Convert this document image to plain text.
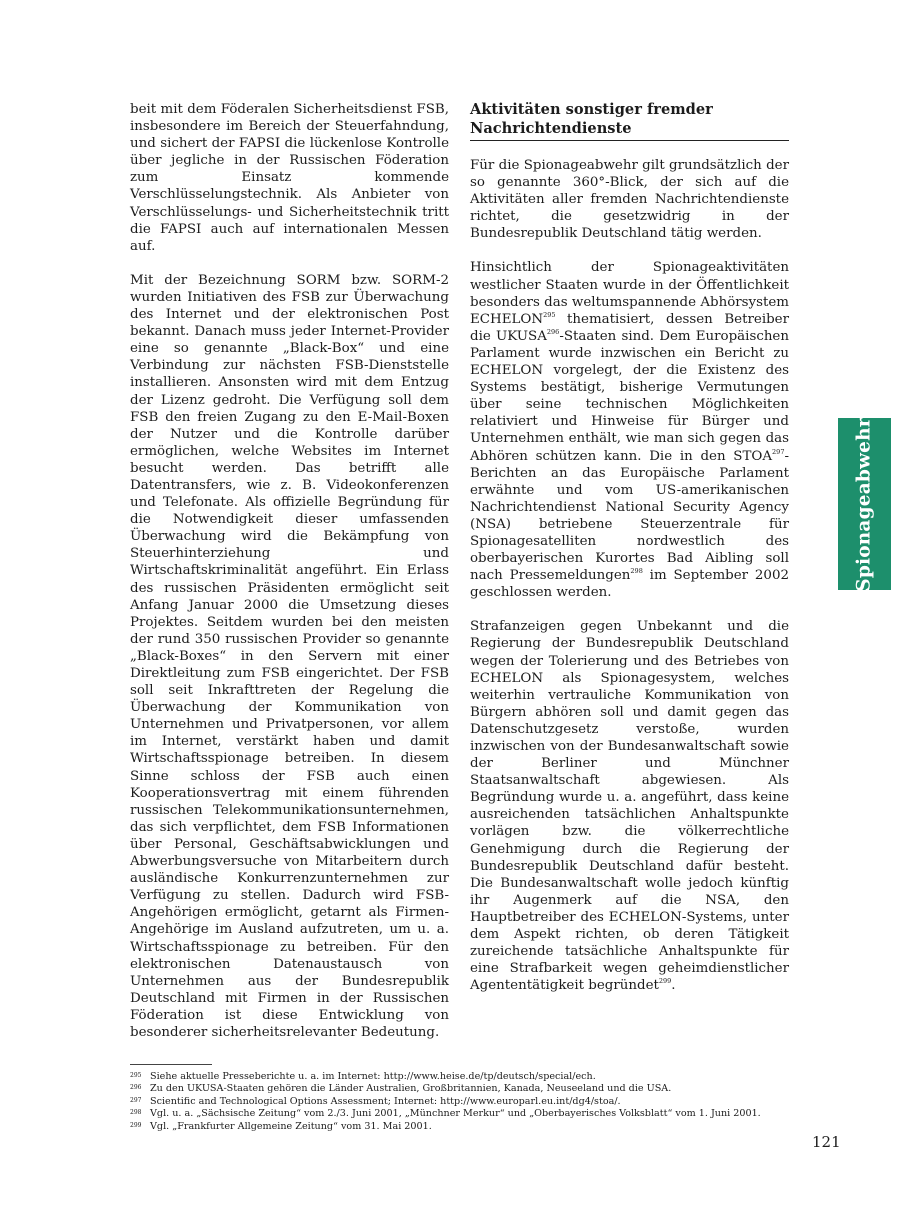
beit mit dem Föderalen Sicherheitsdienst FSB, insbesondere im Bereich der Steuerfahndung, und sichert der FAPSI die lückenlose Kontrolle über jegliche in der Russischen Föderation zum Einsatz kommende Verschlüsselungstechnik. Als Anbieter von Verschlüsselungs- und Sicherheitstechnik tritt die FAPSI auch auf internationalen Messen auf.

Mit der Bezeichnung SORM bzw. SORM-2 wurden Initiativen des FSB zur Überwachung des Internet und der elektronischen Post bekannt. Danach muss jeder Internet-Provider eine so genannte „Black-Box“ und eine Verbindung zur nächsten FSB-Dienststelle installieren. Ansonsten wird mit dem Entzug der Lizenz gedroht. Die Verfügung soll dem FSB den freien Zugang zu den E-Mail-Boxen der Nutzer und die Kontrolle darüber ermöglichen, welche Websites im Internet besucht werden. Das betrifft alle Datentransfers, wie z. B. Videokonferenzen und Telefonate. Als offizielle Begründung für die Notwendigkeit dieser umfassenden Überwachung wird die Bekämpfung von Steuerhinterziehung und Wirtschaftskriminalität angeführt. Ein Erlass des russischen Präsidenten ermöglicht seit Anfang Januar 2000 die Umsetzung dieses Projektes. Seitdem wurden bei den meisten der rund 350 russischen Provider so genannte „Black-Boxes“ in den Servern mit einer Direktleitung zum FSB eingerichtet. Der FSB soll seit Inkrafttreten der Regelung die Überwachung der Kommunikation von Unternehmen und Privatpersonen, vor allem im Internet, verstärkt haben und damit Wirtschaftsspionage betreiben. In diesem Sinne schloss der FSB auch einen Kooperationsvertrag mit einem führenden russischen Telekommunikationsunternehmen, das sich verpflichtet, dem FSB Informationen über Personal, Geschäftsabwicklungen und Abwerbungsversuche von Mitarbeitern durch ausländische Konkurrenzunternehmen zur Verfügung zu stellen. Dadurch wird FSB-Angehörigen ermöglicht, getarnt als Firmen-Angehörige im Ausland aufzutreten, um u. a. Wirtschaftsspionage zu betreiben. Für den elektronischen Datenaustausch von Unternehmen aus der Bundesrepublik Deutschland mit Firmen in der Russischen Föderation ist diese Entwicklung von besonderer sicherheitsrelevanter Bedeutung.

Aktivitäten sonstiger fremder Nachrichtendienste

Für die Spionageabwehr gilt grundsätzlich der so genannte 360°-Blick, der sich auf die Aktivitäten aller fremden Nachrichtendienste richtet, die gesetzwidrig in der Bundesrepublik Deutschland tätig werden.

Hinsichtlich der Spionageaktivitäten westlicher Staaten wurde in der Öffentlichkeit besonders das weltumspannende Abhörsystem ECHELON$^{295}$ thematisiert, dessen Betreiber die UKUSA$^{296}$-Staaten sind. Dem Europäischen Parlament wurde inzwischen ein Bericht zu ECHELON vorgelegt, der die Existenz des Systems bestätigt, bisherige Vermutungen über seine technischen Möglichkeiten relativiert und Hinweise für Bürger und Unternehmen enthält, wie man sich gegen das Abhören schützen kann. Die in den STOA$^{297}$-Berichten an das Europäische Parlament erwähnte und vom US-amerikanischen Nachrichtendienst National Security Agency (NSA) betriebene Steuerzentrale für Spionagesatelliten nordwestlich des oberbayerischen Kurortes Bad Aibling soll nach Pressemeldungen$^{298}$ im September 2002 geschlossen werden.

Strafanzeigen gegen Unbekannt und die Regierung der Bundesrepublik Deutschland wegen der Tolerierung und des Betriebes von ECHELON als Spionagesystem, welches weiterhin vertrauliche Kommunikation von Bürgern abhören soll und damit gegen das Datenschutzgesetz verstoße, wurden inzwischen von der Bundesanwaltschaft sowie der Berliner und Münchner Staatsanwaltschaft abgewiesen. Als Begründung wurde u. a. angeführt, dass keine ausreichenden tatsächlichen Anhaltspunkte vorlägen bzw. die völkerrechtliche Genehmigung durch die Regierung der Bundesrepublik Deutschland dafür besteht. Die Bundesanwaltschaft wolle jedoch künftig ihr Augenmerk auf die NSA, den Hauptbetreiber des ECHELON-Systems, unter dem Aspekt richten, ob deren Tätigkeit zureichende tatsächliche Anhaltspunkte für eine Strafbarkeit wegen geheimdienstlicher Agententätigkeit begründet$^{299}$.

Spionageabwehr
295 Siehe aktuelle Presseberichte u. a. im Internet: http://www.heise.de/tp/deutsch/special/ech.
296 Zu den UKUSA-Staaten gehören die Länder Australien, Großbritannien, Kanada, Neuseeland und die USA.
297 Scientific and Technological Options Assessment; Internet: http://www.europarl.eu.int/dg4/stoa/.
298 Vgl. u. a. „Sächsische Zeitung“ vom 2./3. Juni 2001, „Münchner Merkur“ und „Oberbayerisches Volksblatt“ vom 1. Juni 2001.
299 Vgl. „Frankfurter Allgemeine Zeitung“ vom 31. Mai 2001.
121
